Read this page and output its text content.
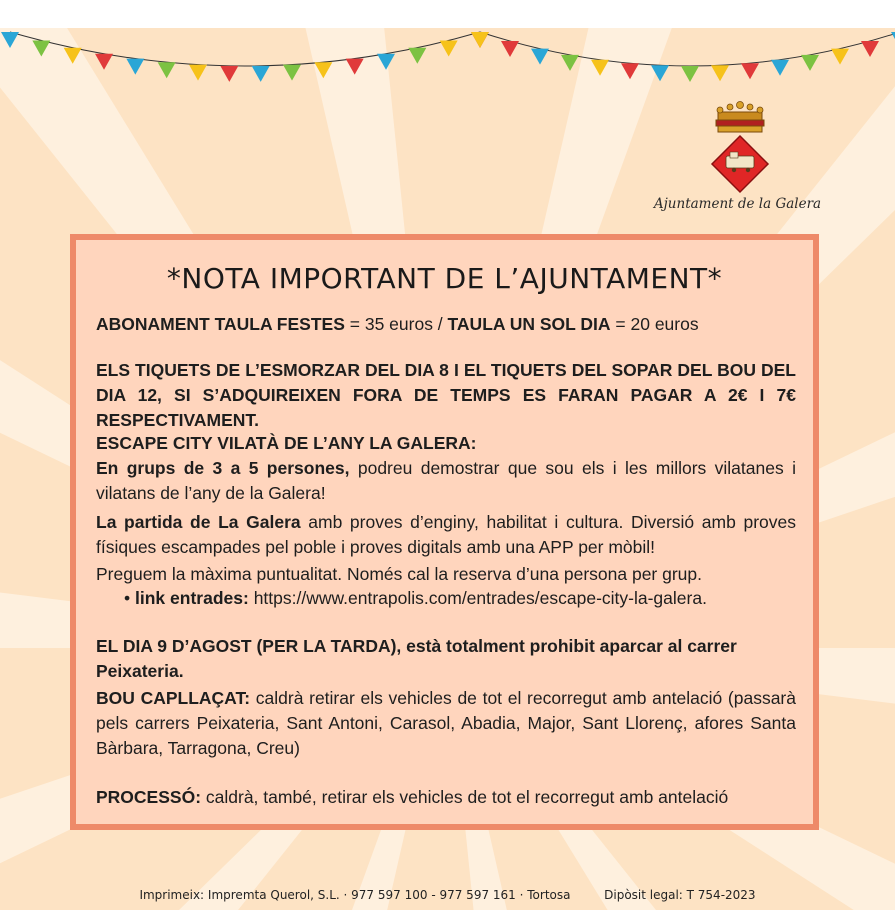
Ajuntament de la Galera
*NOTA IMPORTANT DE L’AJUNTAMENT*
ABONAMENT TAULA FESTES = 35 euros / TAULA UN SOL DIA = 20 euros
ELS TIQUETS DE L’ESMORZAR DEL DIA 8 I EL TIQUETS DEL SOPAR DEL BOU DEL DIA 12, SI S’ADQUIREIXEN FORA DE TEMPS ES FARAN PAGAR A 2€ I 7€ RESPECTIVAMENT.
ESCAPE CITY VILATÀ DE L’ANY LA GALERA:
En grups de 3 a 5 persones, podreu demostrar que sou els i les millors vilatanes i vilatans de l’any de la Galera!
La partida de La Galera amb proves d’enginy, habilitat i cultura. Diversió amb proves físiques escampades pel poble i proves digitals amb una APP per mòbil!
Preguem la màxima puntualitat. Només cal la reserva d’una persona per grup.
• link entrades: https://www.entrapolis.com/entrades/escape-city-la-galera.
EL DIA 9 D’AGOST (PER LA TARDA), està totalment prohibit aparcar al carrer Peixateria.
BOU CAPLLAÇAT: caldrà retirar els vehicles de tot el recorregut amb antelació (passarà pels carrers Peixateria, Sant Antoni, Carasol, Abadia, Major, Sant Llorenç, afores Santa Bàrbara, Tarragona, Creu)
PROCESSÓ: caldrà, també, retirar els vehicles de tot el recorregut amb antelació
Imprimeix: Impremta Querol, S.L. · 977 597 100 - 977 597 161 · Tortosa	Dipòsit legal: T 754-2023
